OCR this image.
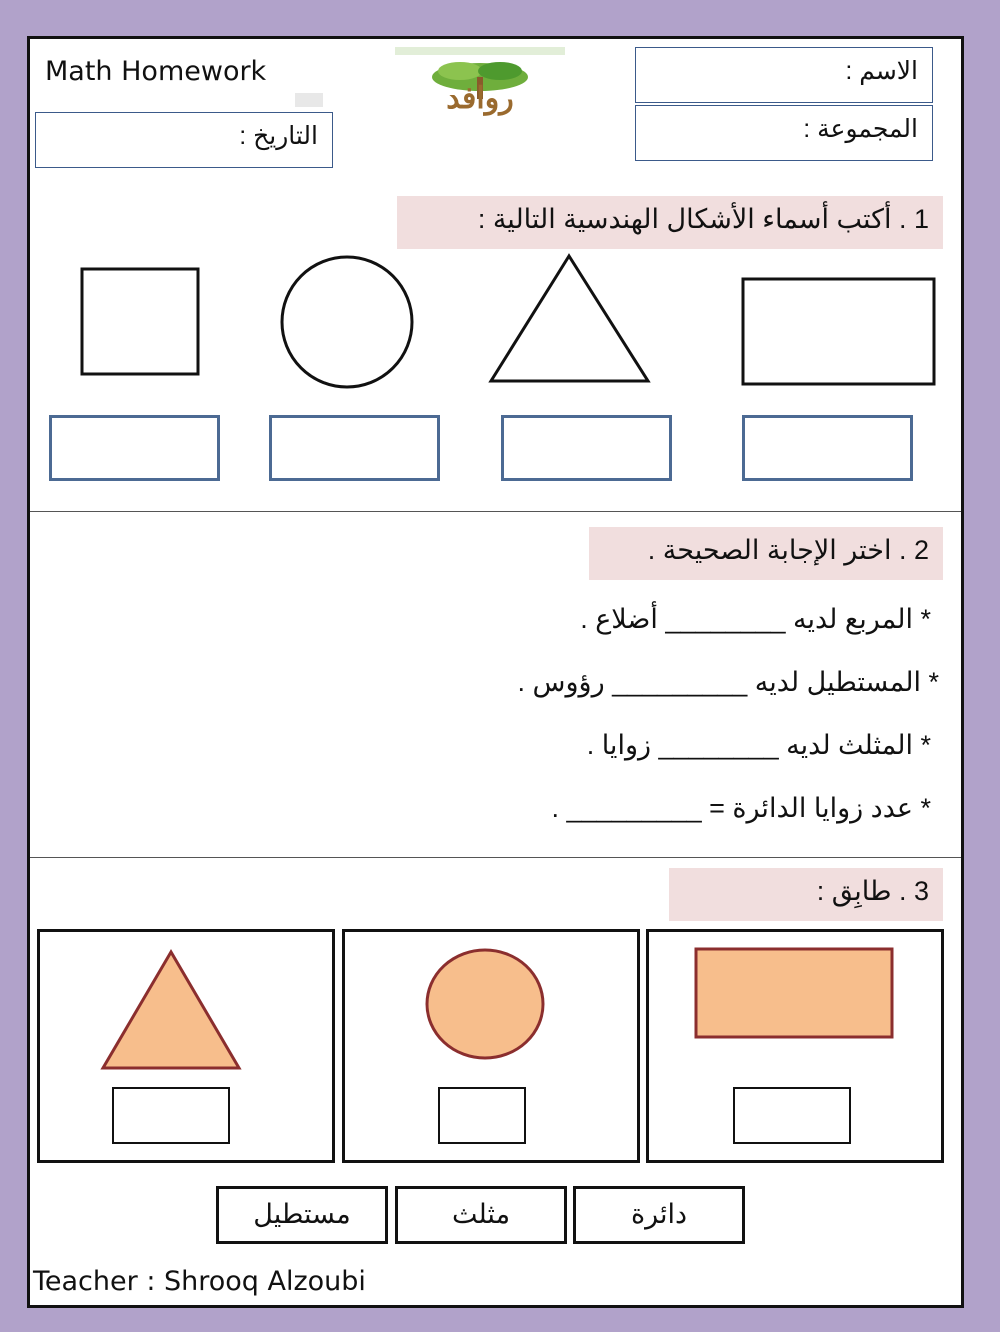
Math Homework
روافد
الاسم :
المجموعة :
التاريخ :
1 . أكتب أسماء الأشكال الهندسية التالية :
2 . اختر الإجابة الصحيحة .
* المربع لديه ________ أضلاع .
* المستطيل لديه _________ رؤوس .
* المثلث لديه ________ زوايا .
* عدد زوايا الدائرة = _________ .
3 . طابِق :
مستطيل	مثلث	دائرة
Teacher : Shrooq Alzoubi
